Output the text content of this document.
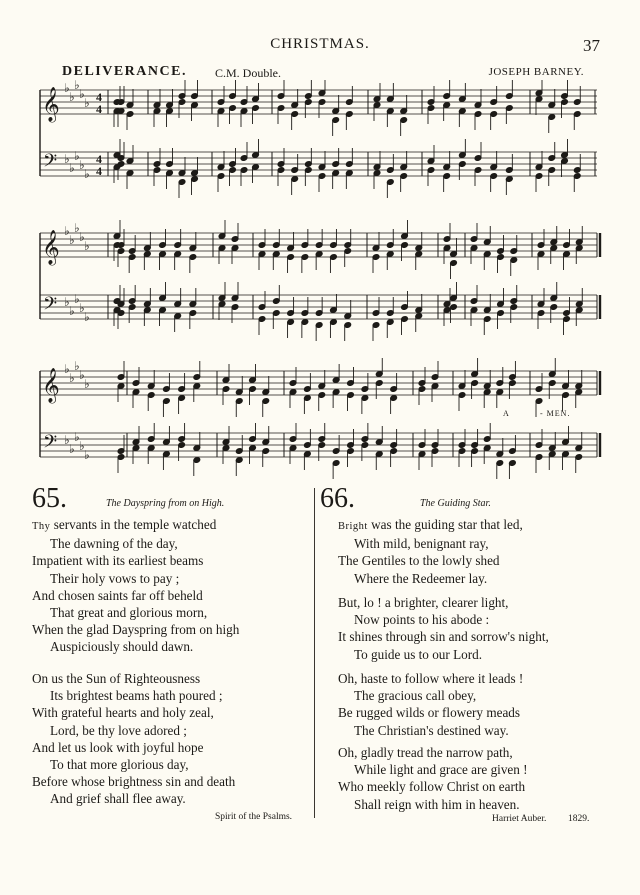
CHRISTMAS.	37
DELIVERANCE. C.M. Double.	JOSEPH BARNEY.
𝄞
𝄢
♭
♭
♭
♭
♭
♭
♭
♭
♭
♭
4
4
4
4
𝄞
𝄢
♭
♭
♭
♭
♭
♭
♭
♭
♭
♭
𝄞
𝄢
♭
♭
♭
♭
♭
♭
♭
♭
♭
♭
A	- MEN.
65.	The Dayspring from on High.
Thy servants in the temple watched
The dawning of the day,
Impatient with its earliest beams
Their holy vows to pay ;
And chosen saints far off beheld
That great and glorious morn,
When the glad Dayspring from on high
Auspiciously should dawn.
On us the Sun of Righteousness
Its brightest beams hath poured ;
With grateful hearts and holy zeal,
Lord, be thy love adored ;
And let us look with joyful hope
To that more glorious day,
Before whose brightness sin and death
And grief shall flee away.
Spirit of the Psalms.
66.	The Guiding Star.
Bright was the guiding star that led,
With mild, benignant ray,
The Gentiles to the lowly shed
Where the Redeemer lay.
But, lo ! a brighter, clearer light,
Now points to his abode :
It shines through sin and sorrow's night,
To guide us to our Lord.
Oh, haste to follow where it leads !
The gracious call obey,
Be rugged wilds or flowery meads
The Christian's destined way.
Oh, gladly tread the narrow path,
While light and grace are given !
Who meekly follow Christ on earth
Shall reign with him in heaven.
Harriet Auber. 1829.
